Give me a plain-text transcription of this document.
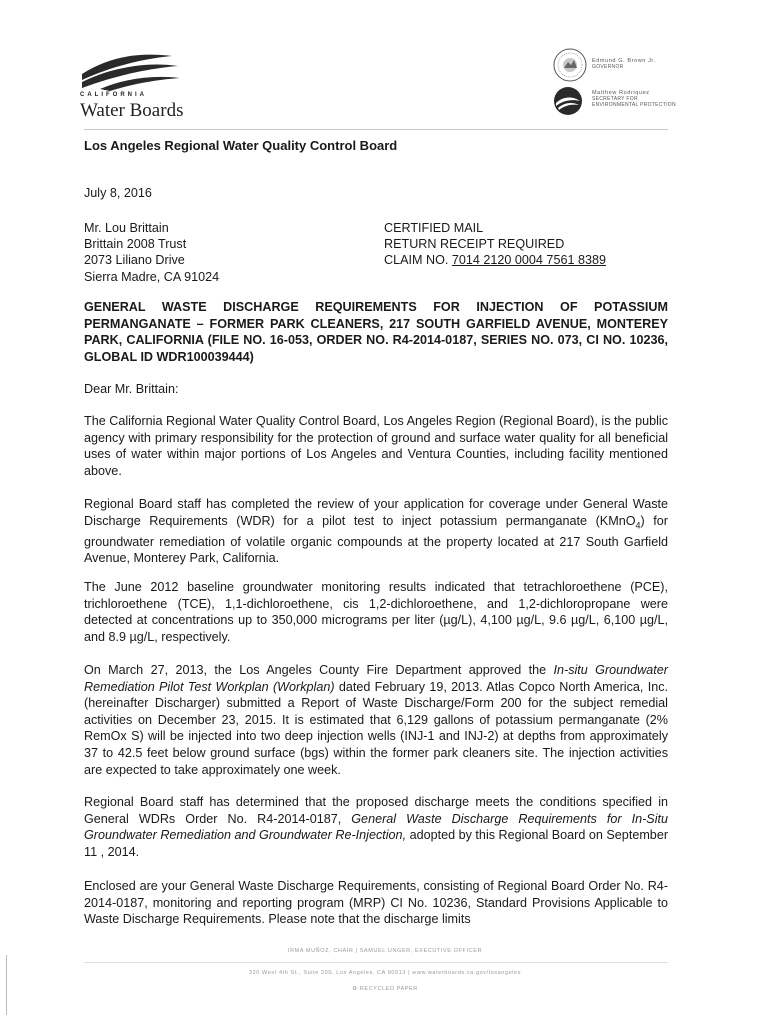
CALIFORNIA
Water Boards
Edmund G. Brown Jr.
GOVERNOR
Matthew Rodriquez
SECRETARY FOR
ENVIRONMENTAL PROTECTION
Los Angeles Regional Water Quality Control Board
July 8, 2016
Mr. Lou Brittain
Brittain 2008 Trust
2073 Liliano Drive
Sierra Madre, CA 91024
CERTIFIED MAIL
RETURN RECEIPT REQUIRED
CLAIM NO. 7014 2120 0004 7561 8389
GENERAL WASTE DISCHARGE REQUIREMENTS FOR INJECTION OF POTASSIUM PERMANGANATE – FORMER PARK CLEANERS, 217 SOUTH GARFIELD AVENUE, MONTEREY PARK, CALIFORNIA (FILE NO. 16-053, ORDER NO. R4-2014-0187, SERIES NO. 073, CI NO. 10236, GLOBAL ID WDR100039444)
Dear Mr. Brittain:
The California Regional Water Quality Control Board, Los Angeles Region (Regional Board), is the public agency with primary responsibility for the protection of ground and surface water quality for all beneficial uses of water within major portions of Los Angeles and Ventura Counties, including facility mentioned above.
Regional Board staff has completed the review of your application for coverage under General Waste Discharge Requirements (WDR) for a pilot test to inject potassium permanganate (KMnO$_4$) for groundwater remediation of volatile organic compounds at the property located at 217 South Garfield Avenue, Monterey Park, California.
The June 2012 baseline groundwater monitoring results indicated that tetrachloroethene (PCE), trichloroethene (TCE), 1,1-dichloroethene, cis 1,2-dichloroethene, and 1,2-dichloropropane were detected at concentrations up to 350,000 micrograms per liter (µg/L), 4,100 µg/L, 9.6 µg/L, 6,100 µg/L, and 8.9 µg/L, respectively.
On March 27, 2013, the Los Angeles County Fire Department approved the In-situ Groundwater Remediation Pilot Test Workplan (Workplan) dated February 19, 2013. Atlas Copco North America, Inc. (hereinafter Discharger) submitted a Report of Waste Discharge/Form 200 for the subject remedial activities on December 23, 2015. It is estimated that 6,129 gallons of potassium permanganate (2% RemOx S) will be injected into two deep injection wells (INJ-1 and INJ-2) at depths from approximately 37 to 42.5 feet below ground surface (bgs) within the former park cleaners site. The injection activities are expected to take approximately one week.
Regional Board staff has determined that the proposed discharge meets the conditions specified in General WDRs Order No. R4-2014-0187, General Waste Discharge Requirements for In-Situ Groundwater Remediation and Groundwater Re-Injection, adopted by this Regional Board on September 11 , 2014.
Enclosed are your General Waste Discharge Requirements, consisting of Regional Board Order No. R4- 2014-0187, monitoring and reporting program (MRP) CI No. 10236, Standard Provisions Applicable to Waste Discharge Requirements. Please note that the discharge limits
IRMA MUÑOZ, CHAIR | SAMUEL UNGER, EXECUTIVE OFFICER
320 West 4th St., Suite 200, Los Angeles, CA 90013 | www.waterboards.ca.gov/losangeles
♻ RECYCLED PAPER
